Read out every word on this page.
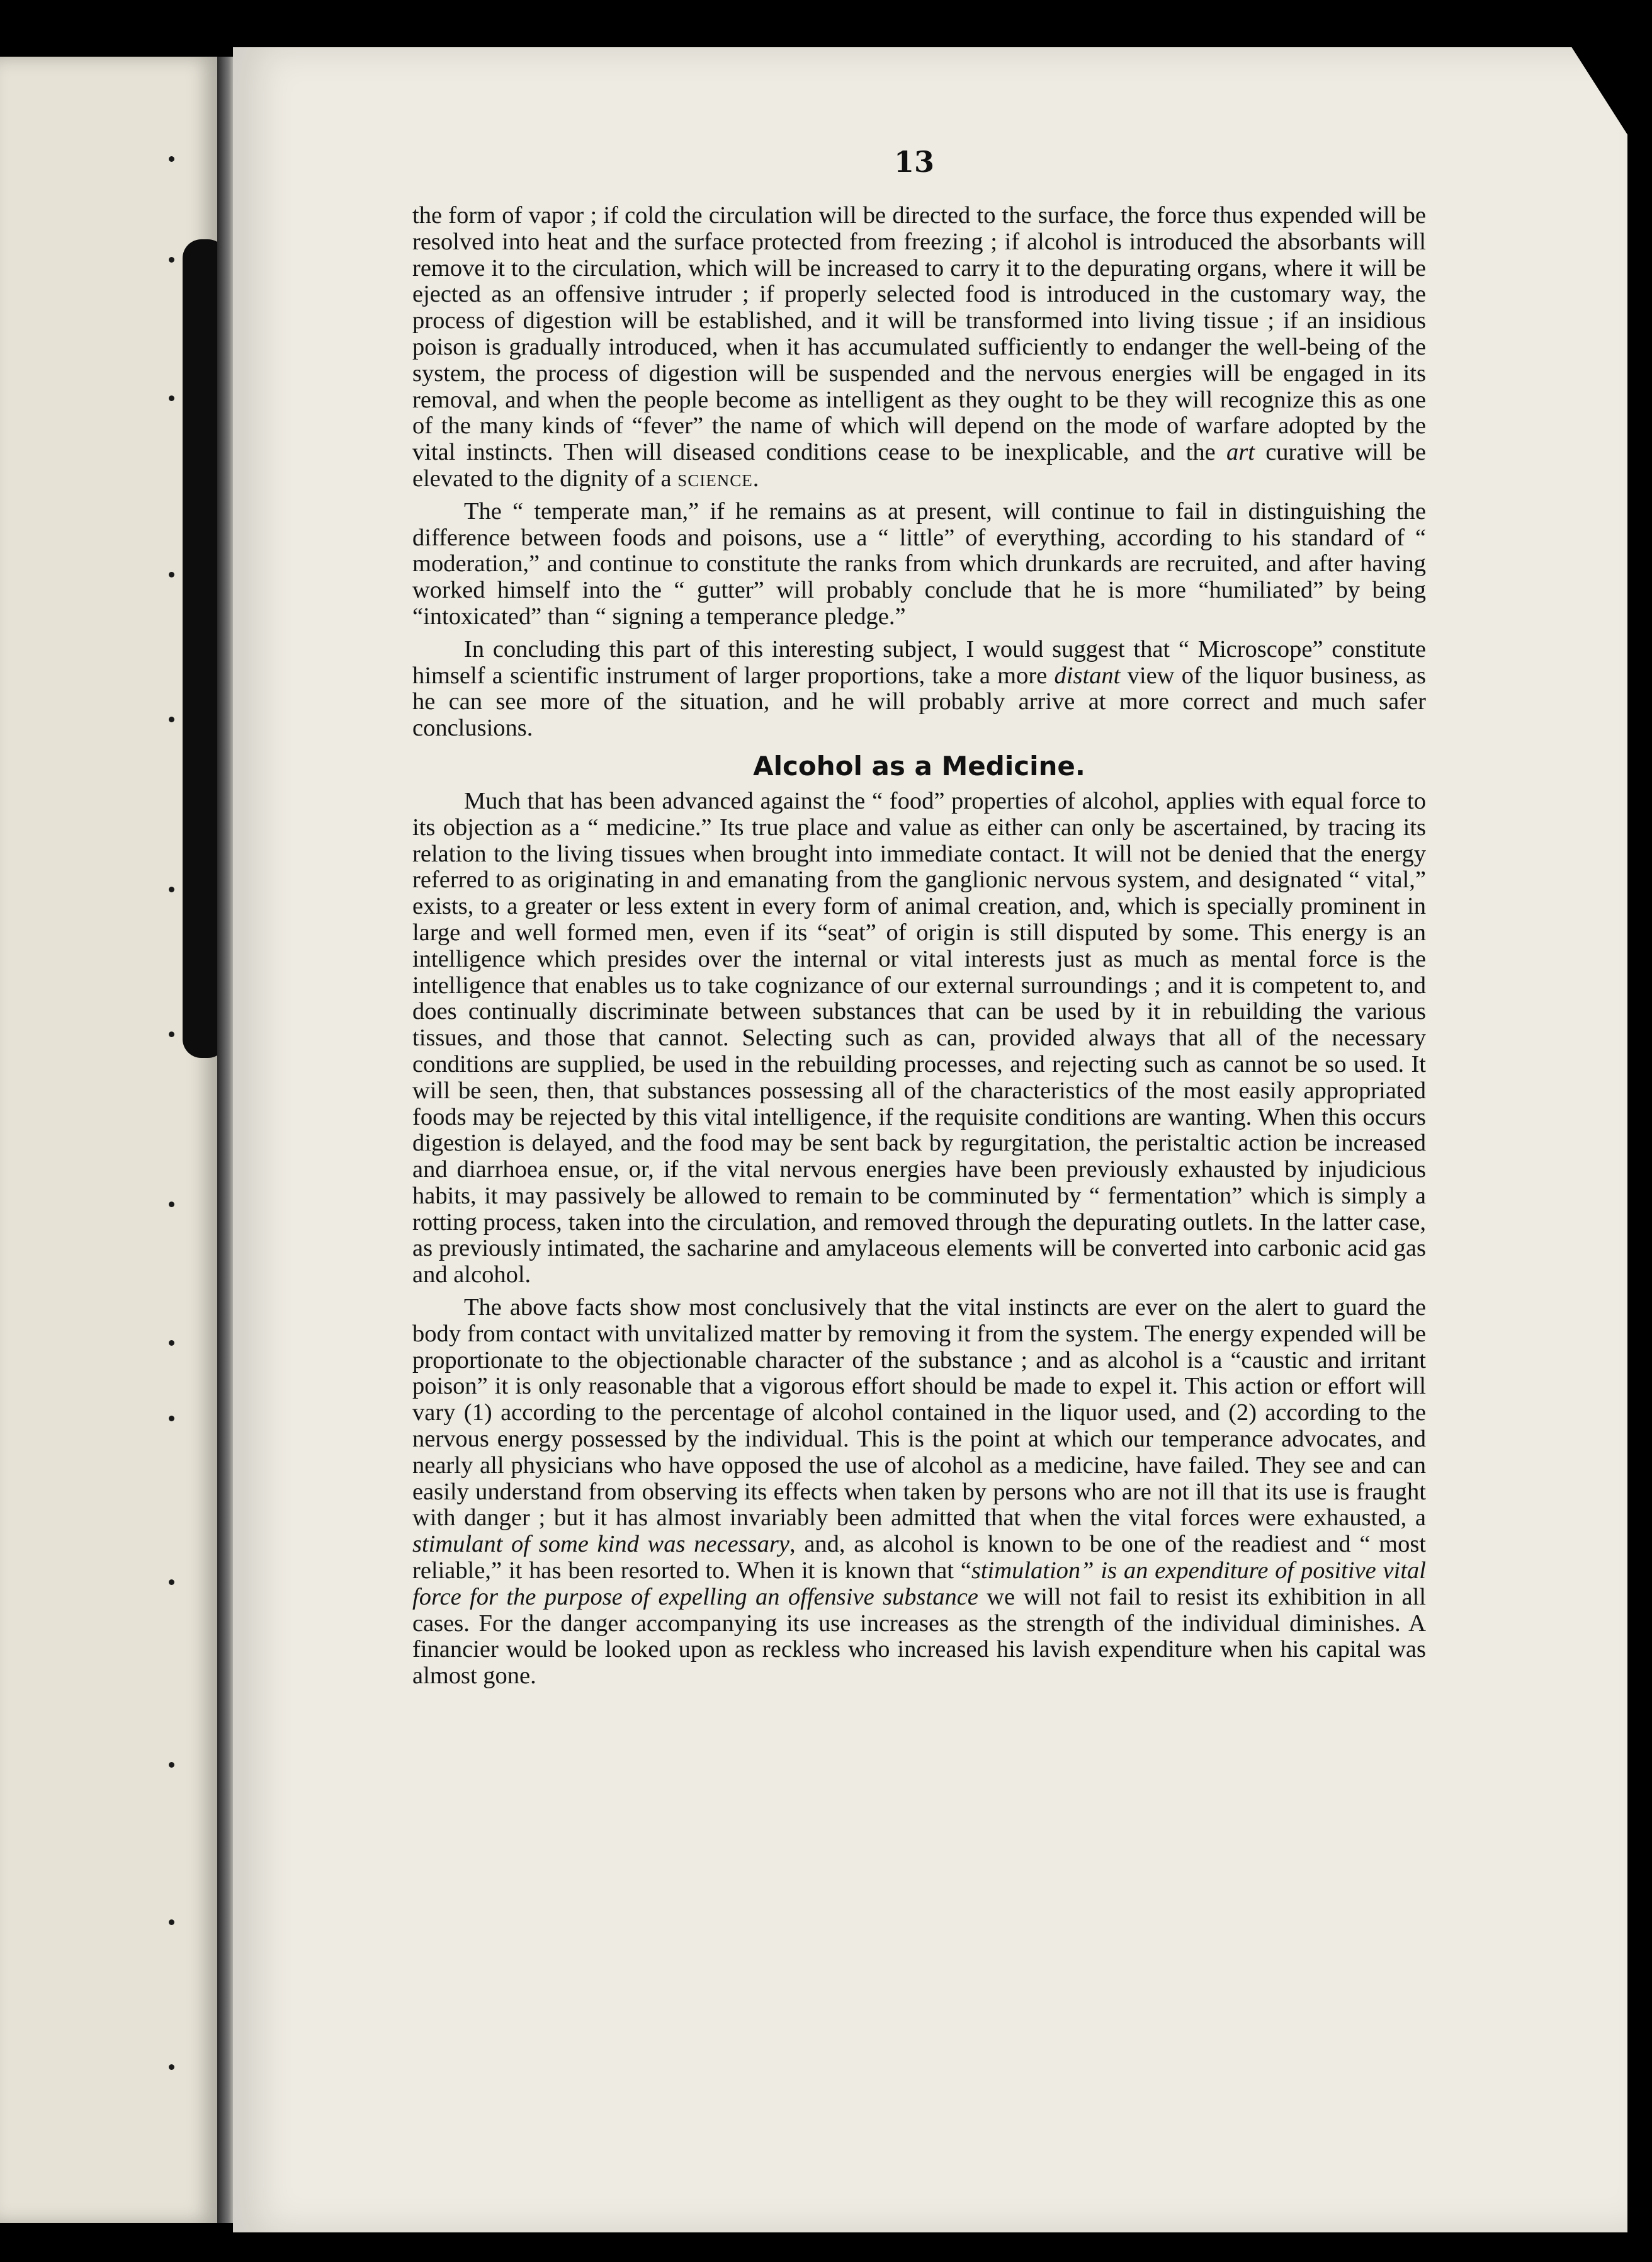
13

the form of vapor ; if cold the circulation will be directed to the surface, the force thus expended will be resolved into heat and the surface protected from freezing ; if alcohol is introduced the absorbants will remove it to the circulation, which will be increased to carry it to the depurating organs, where it will be ejected as an offensive intruder ; if properly selected food is introduced in the customary way, the process of digestion will be established, and it will be transformed into living tissue ; if an insidious poison is gradually introduced, when it has accumulated sufficiently to endanger the well-being of the system, the process of digestion will be suspended and the nervous energies will be engaged in its removal, and when the people become as intelligent as they ought to be they will recognize this as one of the many kinds of “fever” the name of which will depend on the mode of warfare adopted by the vital instincts. Then will diseased conditions cease to be inexplicable, and the art curative will be elevated to the dignity of a science.

The “ temperate man,” if he remains as at present, will continue to fail in distinguishing the difference between foods and poisons, use a “ little” of everything, according to his standard of “ moderation,” and continue to constitute the ranks from which drunkards are recruited, and after having worked himself into the “ gutter” will probably conclude that he is more “humiliated” by being “intoxicated” than “ signing a temperance pledge.”

In concluding this part of this interesting subject, I would suggest that “ Microscope” constitute himself a scientific instrument of larger proportions, take a more distant view of the liquor business, as he can see more of the situation, and he will probably arrive at more correct and much safer conclusions.

Alcohol as a Medicine.

Much that has been advanced against the “ food” properties of alcohol, applies with equal force to its objection as a “ medicine.” Its true place and value as either can only be ascertained, by tracing its relation to the living tissues when brought into immediate contact. It will not be denied that the energy referred to as originating in and emanating from the ganglionic nervous system, and designated “ vital,” exists, to a greater or less extent in every form of animal creation, and, which is specially prominent in large and well formed men, even if its “seat” of origin is still disputed by some. This energy is an intelligence which presides over the internal or vital interests just as much as mental force is the intelligence that enables us to take cognizance of our external surroundings ; and it is competent to, and does continually discriminate between substances that can be used by it in rebuilding the various tissues, and those that cannot. Selecting such as can, provided always that all of the necessary conditions are supplied, be used in the rebuilding processes, and rejecting such as cannot be so used. It will be seen, then, that substances possessing all of the characteristics of the most easily appropriated foods may be rejected by this vital intelligence, if the requisite conditions are wanting. When this occurs digestion is delayed, and the food may be sent back by regurgitation, the peristaltic action be increased and diarrhoea ensue, or, if the vital nervous energies have been previously exhausted by injudicious habits, it may passively be allowed to remain to be comminuted by “ fermentation” which is simply a rotting process, taken into the circulation, and removed through the depurating outlets. In the latter case, as previously intimated, the sacharine and amylaceous elements will be converted into carbonic acid gas and alcohol.

The above facts show most conclusively that the vital instincts are ever on the alert to guard the body from contact with unvitalized matter by removing it from the system. The energy expended will be proportionate to the objectionable character of the substance ; and as alcohol is a “caustic and irritant poison” it is only reasonable that a vigorous effort should be made to expel it. This action or effort will vary (1) according to the percentage of alcohol contained in the liquor used, and (2) according to the nervous energy possessed by the individual. This is the point at which our temperance advocates, and nearly all physicians who have opposed the use of alcohol as a medicine, have failed. They see and can easily understand from observing its effects when taken by persons who are not ill that its use is fraught with danger ; but it has almost invariably been admitted that when the vital forces were exhausted, a stimulant of some kind was necessary, and, as alcohol is known to be one of the readiest and “ most reliable,” it has been resorted to. When it is known that “stimulation” is an expenditure of positive vital force for the purpose of expelling an offensive substance we will not fail to resist its exhibition in all cases. For the danger accompanying its use increases as the strength of the individual diminishes. A financier would be looked upon as reckless who increased his lavish expenditure when his capital was almost gone.
